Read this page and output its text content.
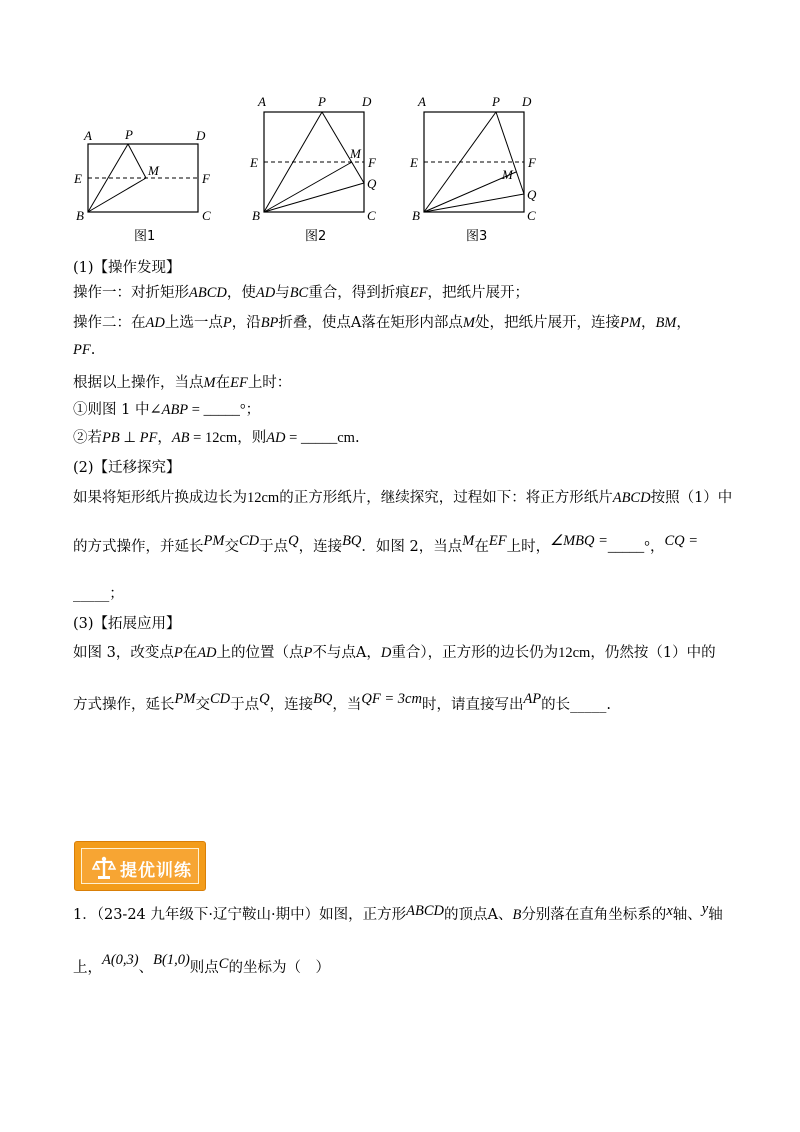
A	P	D
E
M
F
B	C
图1
A	P	D
E
M
F
Q
B	C
图2
A	P D
E
M
F
Q
B	C
图3
(1)【操作发现】
操作一：对折矩形ABCD，使AD与BC重合，得到折痕EF，把纸片展开；
操作二：在AD上选一点P，沿BP折叠，使点A落在矩形内部点M处，把纸片展开，连接PM，BM，
PF.
根据以上操作，当点M在EF上时：
①则图 1 中∠ABP = _____°；
②若PB ⊥ PF，AB = 12cm，则AD = _____cm.
(2)【迁移探究】
如果将矩形纸片换成边长为12cm的正方形纸片，继续探究，过程如下：将正方形纸片ABCD按照（1）中
的方式操作，并延长PM交CD于点Q，连接BQ．如图 2，当点M在EF上时，∠MBQ =_____°，CQ =
_____；
(3)【拓展应用】
如图 3，改变点P在AD上的位置（点P不与点A，D重合），正方形的边长仍为12cm，仍然按（1）中的
方式操作，延长PM交CD于点Q，连接BQ，当QF = 3cm时，请直接写出AP的长_____.
提优训练
1．（23-24 九年级下·辽宁鞍山·期中）如图，正方形ABCD的顶点A、B分别落在直角坐标系的x轴、y轴
上，A(0,3)、B(1,0)则点C的坐标为（　）
